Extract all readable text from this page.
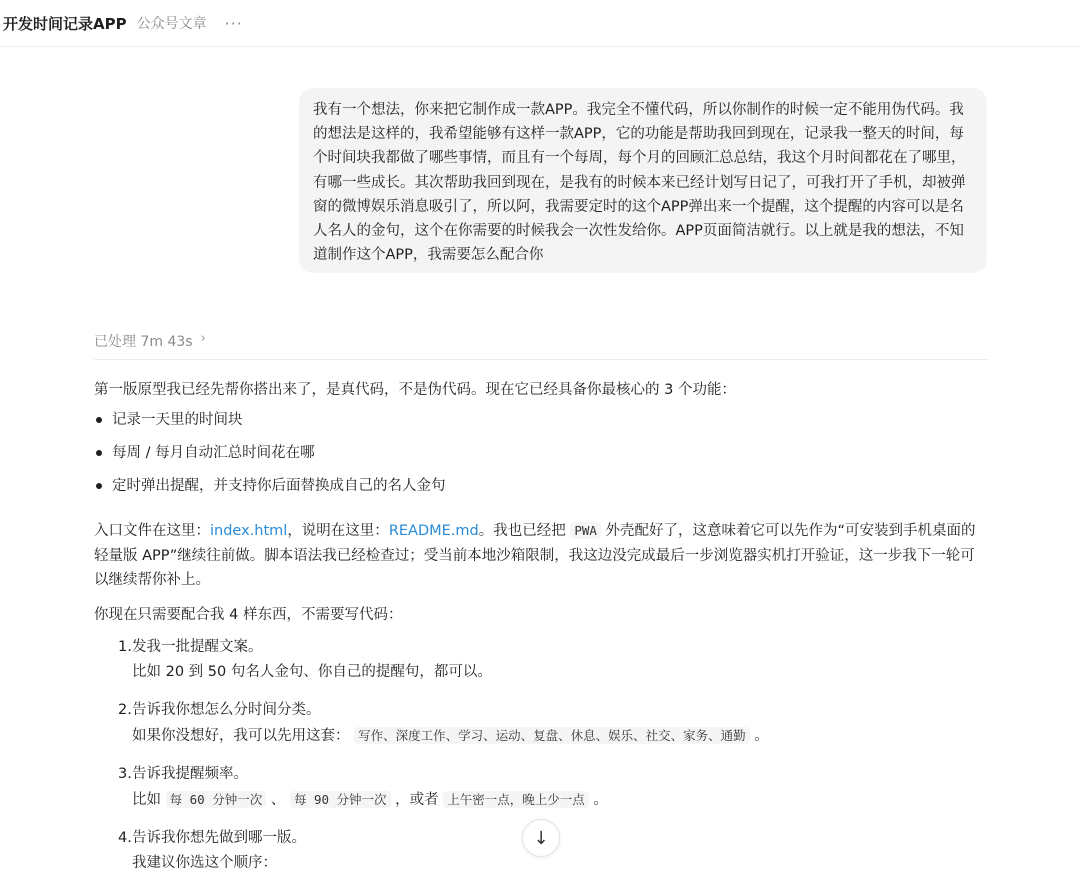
开发时间记录APP 公众号文章 ···
我有一个想法，你来把它制作成一款APP。我完全不懂代码，所以你制作的时候一定不能用伪代码。我的想法是这样的，我希望能够有这样一款APP，它的功能是帮助我回到现在，记录我一整天的时间，每个时间块我都做了哪些事情，而且有一个每周，每个月的回顾汇总总结，我这个月时间都花在了哪里，有哪一些成长。其次帮助我回到现在，是我有的时候本来已经计划写日记了，可我打开了手机，却被弹窗的微博娱乐消息吸引了，所以阿，我需要定时的这个APP弹出来一个提醒，这个提醒的内容可以是名人名人的金句，这个在你需要的时候我会一次性发给你。APP页面简洁就行。以上就是我的想法，不知道制作这个APP，我需要怎么配合你
已处理 7m 43s ›

第一版原型我已经先帮你搭出来了，是真代码，不是伪代码。现在它已经具备你最核心的 3 个功能：

记录一天里的时间块
每周 / 每月自动汇总时间花在哪
定时弹出提醒，并支持你后面替换成自己的名人金句

入口文件在这里：index.html，说明在这里：README.md。我也已经把 PWA 外壳配好了，这意味着它可以先作为“可安装到手机桌面的轻量版 APP”继续往前做。脚本语法我已经检查过；受当前本地沙箱限制，我这边没完成最后一步浏览器实机打开验证，这一步我下一轮可以继续帮你补上。

你现在只需要配合我 4 样东西，不需要写代码：

1. 发我一批提醒文案。
比如 20 到 50 句名人金句、你自己的提醒句，都可以。
2. 告诉我你想怎么分时间分类。
如果你没想好，我可以先用这套： 写作、深度工作、学习、运动、复盘、休息、娱乐、社交、家务、通勤 。
3. 告诉我提醒频率。
比如 每 60 分钟一次 、 每 90 分钟一次 ，或者 上午密一点，晚上少一点 。
4. 告诉我你想先做到哪一版。
我建议你选这个顺序：
↓
